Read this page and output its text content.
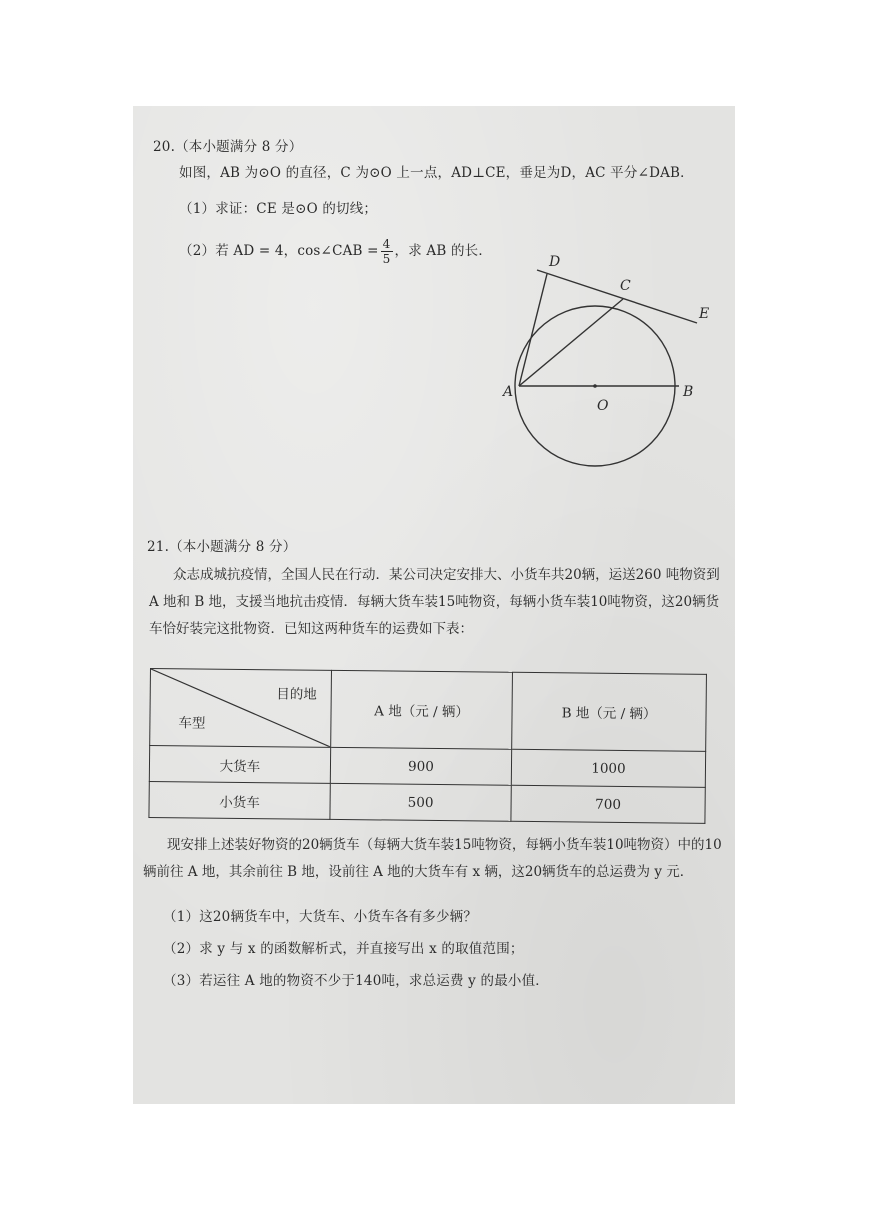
20.（本小题满分 8 分）
如图，AB 为⊙O 的直径，C 为⊙O 上一点，AD⊥CE，垂足为D，AC 平分∠DAB．
（1）求证：CE 是⊙O 的切线；
（2）若 AD = 4，cos∠CAB = $\frac{4}{5}$ ，求 AB 的长．
D
C
E
A
O
B
21.（本小题满分 8 分）
众志成城抗疫情，全国人民在行动．某公司决定安排大、小货车共20辆，运送260 吨物资到 A 地和 B 地，支援当地抗击疫情．每辆大货车装15吨物资，每辆小货车装10吨物资，这20辆货车恰好装完这批物资．已知这两种货车的运费如下表：
目的地
车型	A 地（元 / 辆）	B 地（元 / 辆）
大货车	900	1000
小货车	500	700
现安排上述装好物资的20辆货车（每辆大货车装15吨物资，每辆小货车装10吨物资）中的10辆前往 A 地，其余前往 B 地，设前往 A 地的大货车有 x 辆，这20辆货车的总运费为 y 元．
（1）这20辆货车中，大货车、小货车各有多少辆？
（2）求 y 与 x 的函数解析式，并直接写出 x 的取值范围；
（3）若运往 A 地的物资不少于140吨，求总运费 y 的最小值．
